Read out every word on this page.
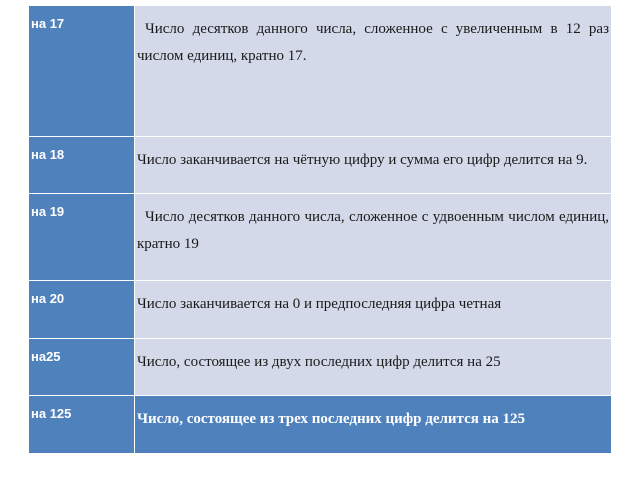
на 17	Число десятков данного числа, сложенное с увеличенным в 12 раз числом единиц, кратно 17.
на 18	Число заканчивается на чётную цифру и сумма его цифр делится на 9.
на 19	Число десятков данного числа, сложенное с удвоенным числом единиц, кратно 19
на 20	Число заканчивается на 0 и предпоследняя цифра четная
на25	Число, состоящее из двух последних цифр делится на 25
на 125	Число, состоящее из трех последних цифр делится на 125
